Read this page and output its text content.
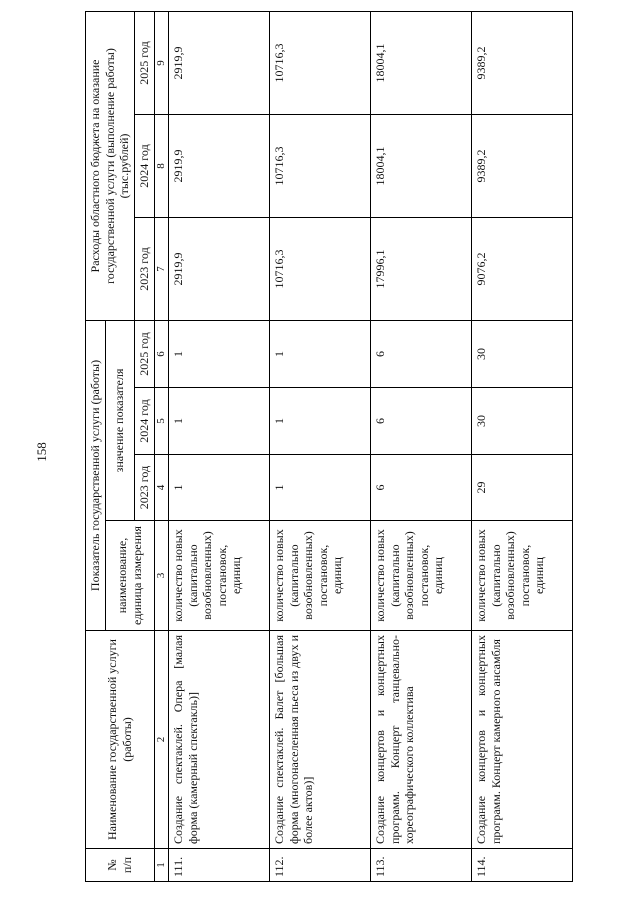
158
№ п/п	Наименование государственной услуги (работы)	Показатель государственной услуги (работы)				Расходы областного бюджета на оказание государственной услуги (выполнение работы) (тыс.рублей)		
		наименование, единица измерения	значение показателя					
			2023 год	2024 год	2025 год	2023 год	2024 год	2025 год
1	2	3	4	5	6	7	8	9
111.	Создание спектаклей. Опера [малая форма (камерный спектакль)]	количество новых (капитально возобновленных) постановок, единиц	1	1	1	2919,9	2919,9	2919,9
112.	Создание спектаклей. Балет [большая форма (многонаселенная пьеса из двух и более актов)]	количество новых (капитально возобновленных) постановок, единиц	1	1	1	10716,3	10716,3	10716,3
113.	Создание концертов и концертных программ. Концерт танцевально-хореографического коллектива	количество новых (капитально возобновленных) постановок, единиц	6	6	6	17996,1	18004,1	18004,1
114.	Создание концертов и концертных программ. Концерт камерного ансамбля	количество новых (капитально возобновленных) постановок, единиц	29	30	30	9076,2	9389,2	9389,2
